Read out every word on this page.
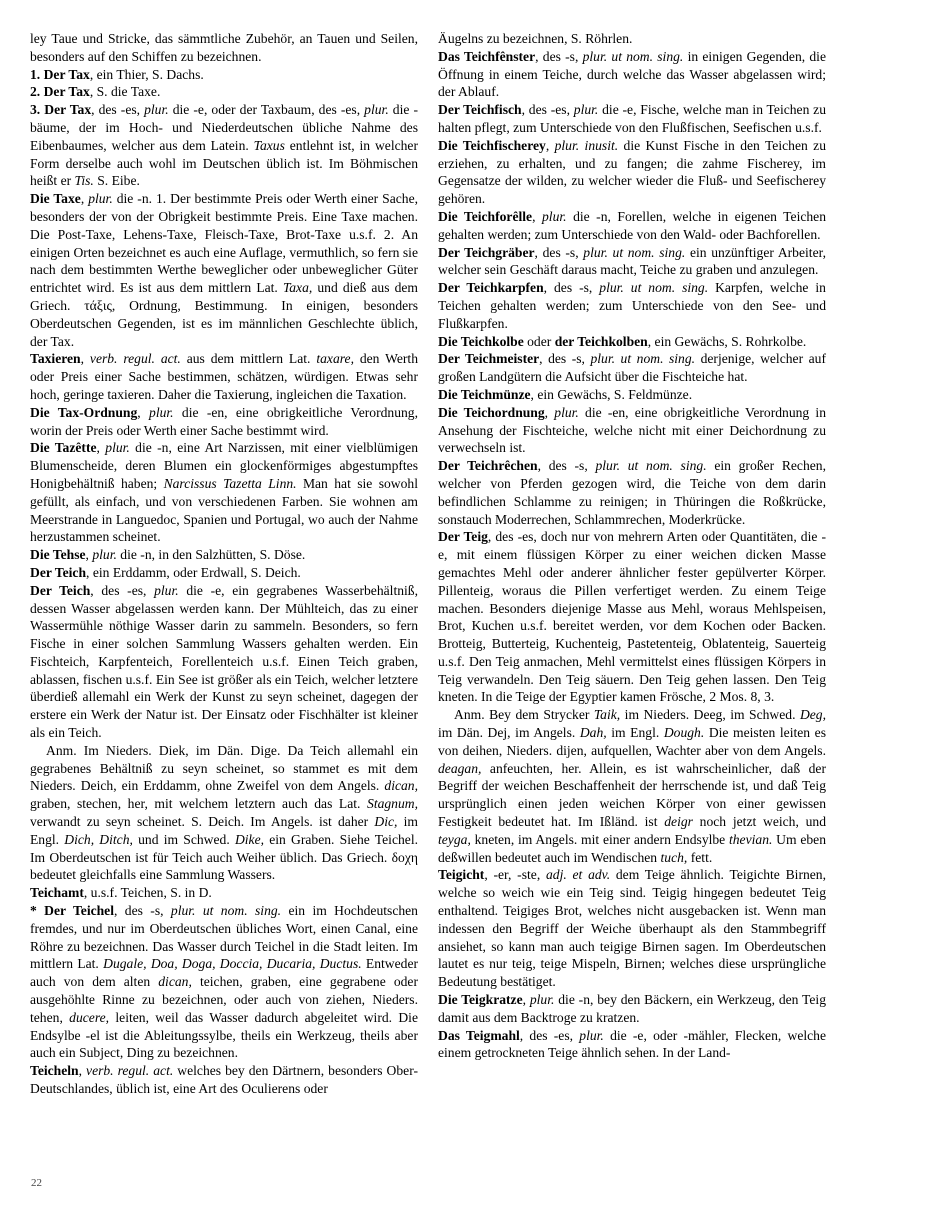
ley Taue und Stricke, das sämmtliche Zubehör, an Tauen und Seilen, besonders auf den Schiffen zu bezeichnen.

1. Der Tax, ein Thier, S. Dachs.

2. Der Tax, S. die Taxe.

3. Der Tax, des -es, plur. die -e, oder der Taxbaum, des -es, plur. die -bäume, der im Hoch- und Niederdeutschen übliche Nahme des Eibenbaumes, welcher aus dem Latein. Taxus entlehnt ist, in welcher Form derselbe auch wohl im Deutschen üblich ist. Im Böhmischen heißt er Tis. S. Eibe.

Die Taxe, plur. die -n. 1. Der bestimmte Preis oder Werth einer Sache, besonders der von der Obrigkeit bestimmte Preis. Eine Taxe machen. Die Post-Taxe, Lehens-Taxe, Fleisch-Taxe, Brot-Taxe u.s.f. 2. An einigen Orten bezeichnet es auch eine Auflage, vermuthlich, so fern sie nach dem bestimmten Werthe beweglicher oder unbeweglicher Güter entrichtet wird. Es ist aus dem mittlern Lat. Taxa, und dieß aus dem Griech. τάξις, Ordnung, Bestimmung. In einigen, besonders Oberdeutschen Gegenden, ist es im männlichen Geschlechte üblich, der Tax.

Taxieren, verb. regul. act. aus dem mittlern Lat. taxare, den Werth oder Preis einer Sache bestimmen, schätzen, würdigen. Etwas sehr hoch, geringe taxieren. Daher die Taxierung, ingleichen die Taxation.

Die Tax-Ordnung, plur. die -en, eine obrigkeitliche Verordnung, worin der Preis oder Werth einer Sache bestimmt wird.

Die Tazêtte, plur. die -n, eine Art Narzissen, mit einer vielblümigen Blumenscheide, deren Blumen ein glockenförmiges abgestumpftes Honigbehältniß haben; Narcissus Tazetta Linn. Man hat sie sowohl gefüllt, als einfach, und von verschiedenen Farben. Sie wohnen am Meerstrande in Languedoc, Spanien und Portugal, wo auch der Nahme herzustammen scheinet.

Die Tehse, plur. die -n, in den Salzhütten, S. Döse.

Der Teich, ein Erddamm, oder Erdwall, S. Deich.

Der Teich, des -es, plur. die -e, ein gegrabenes Wasserbehältniß, dessen Wasser abgelassen werden kann. Der Mühlteich, das zu einer Wassermühle nöthige Wasser darin zu sammeln. Besonders, so fern Fische in einer solchen Sammlung Wassers gehalten werden. Ein Fischteich, Karpfenteich, Forellenteich u.s.f. Einen Teich graben, ablassen, fischen u.s.f. Ein See ist größer als ein Teich, welcher letztere überdieß allemahl ein Werk der Kunst zu seyn scheinet, dagegen der erstere ein Werk der Natur ist. Der Einsatz oder Fischhälter ist kleiner als ein Teich.

Anm. Im Nieders. Diek, im Dän. Dige. Da Teich allemahl ein gegrabenes Behältniß zu seyn scheinet, so stammet es mit dem Nieders. Deich, ein Erddamm, ohne Zweifel von dem Angels. dican, graben, stechen, her, mit welchem letztern auch das Lat. Stagnum, verwandt zu seyn scheinet. S. Deich. Im Angels. ist daher Dic, im Engl. Dich, Ditch, und im Schwed. Dike, ein Graben. Siehe Teichel. Im Oberdeutschen ist für Teich auch Weiher üblich. Das Griech. δοχη bedeutet gleichfalls eine Sammlung Wassers.

Teichamt, u.s.f. Teichen, S. in D.

* Der Teichel, des -s, plur. ut nom. sing. ein im Hochdeutschen fremdes, und nur im Oberdeutschen übliches Wort, einen Canal, eine Röhre zu bezeichnen. Das Wasser durch Teichel in die Stadt leiten. Im mittlern Lat. Dugale, Doa, Doga, Doccia, Ducaria, Ductus. Entweder auch von dem alten dican, teichen, graben, eine gegrabene oder ausgehöhlte Rinne zu bezeichnen, oder auch von ziehen, Nieders. tehen, ducere, leiten, weil das Wasser dadurch abgeleitet wird. Die Endsylbe -el ist die Ableitungssylbe, theils ein Werkzeug, theils aber auch ein Subject, Ding zu bezeichnen.

Teicheln, verb. regul. act. welches bey den Därtnern, besonders Ober-Deutschlandes, üblich ist, eine Art des Oculierens oder

Äugelns zu bezeichnen, S. Röhrlen.

Das Teichfênster, des -s, plur. ut nom. sing. in einigen Gegenden, die Öffnung in einem Teiche, durch welche das Wasser abgelassen wird; der Ablauf.

Der Teichfisch, des -es, plur. die -e, Fische, welche man in Teichen zu halten pflegt, zum Unterschiede von den Flußfischen, Seefischen u.s.f.

Die Teichfischerey, plur. inusit. die Kunst Fische in den Teichen zu erziehen, zu erhalten, und zu fangen; die zahme Fischerey, im Gegensatze der wilden, zu welcher wieder die Fluß- und Seefischerey gehören.

Die Teichforêlle, plur. die -n, Forellen, welche in eigenen Teichen gehalten werden; zum Unterschiede von den Wald- oder Bachforellen.

Der Teichgräber, des -s, plur. ut nom. sing. ein unzünftiger Arbeiter, welcher sein Geschäft daraus macht, Teiche zu graben und anzulegen.

Der Teichkarpfen, des -s, plur. ut nom. sing. Karpfen, welche in Teichen gehalten werden; zum Unterschiede von den See- und Flußkarpfen.

Die Teichkolbe oder der Teichkolben, ein Gewächs, S. Rohrkolbe.

Der Teichmeister, des -s, plur. ut nom. sing. derjenige, welcher auf großen Landgütern die Aufsicht über die Fischteiche hat.

Die Teichmünze, ein Gewächs, S. Feldmünze.

Die Teichordnung, plur. die -en, eine obrigkeitliche Verordnung in Ansehung der Fischteiche, welche nicht mit einer Deichordnung zu verwechseln ist.

Der Teichrêchen, des -s, plur. ut nom. sing. ein großer Rechen, welcher von Pferden gezogen wird, die Teiche von dem darin befindlichen Schlamme zu reinigen; in Thüringen die Roßkrücke, sonstauch Moderrechen, Schlammrechen, Moderkrücke.

Der Teig, des -es, doch nur von mehrern Arten oder Quantitäten, die -e, mit einem flüssigen Körper zu einer weichen dicken Masse gemachtes Mehl oder anderer ähnlicher fester gepülverter Körper. Pillenteig, woraus die Pillen verfertiget werden. Zu einem Teige machen. Besonders diejenige Masse aus Mehl, woraus Mehlspeisen, Brot, Kuchen u.s.f. bereitet werden, vor dem Kochen oder Backen. Brotteig, Butterteig, Kuchenteig, Pastetenteig, Oblatenteig, Sauerteig u.s.f. Den Teig anmachen, Mehl vermittelst eines flüssigen Körpers in Teig verwandeln. Den Teig säuern. Den Teig gehen lassen. Den Teig kneten. In die Teige der Egyptier kamen Frösche, 2 Mos. 8, 3.

Anm. Bey dem Strycker Taik, im Nieders. Deeg, im Schwed. Deg, im Dän. Dej, im Angels. Dah, im Engl. Dough. Die meisten leiten es von deihen, Nieders. dijen, aufquellen, Wachter aber von dem Angels. deagan, anfeuchten, her. Allein, es ist wahrscheinlicher, daß der Begriff der weichen Beschaffenheit der herrschende ist, und daß Teig ursprünglich einen jeden weichen Körper von einer gewissen Festigkeit bedeutet hat. Im Ißländ. ist deigr noch jetzt weich, und teyga, kneten, im Angels. mit einer andern Endsylbe thevian. Um eben deßwillen bedeutet auch im Wendischen tuch, fett.

Teigicht, -er, -ste, adj. et adv. dem Teige ähnlich. Teigichte Birnen, welche so weich wie ein Teig sind. Teigig hingegen bedeutet Teig enthaltend. Teigiges Brot, welches nicht ausgebacken ist. Wenn man indessen den Begriff der Weiche überhaupt als den Stammbegriff ansiehet, so kann man auch teigige Birnen sagen. Im Oberdeutschen lautet es nur teig, teige Mispeln, Birnen; welches diese ursprüngliche Bedeutung bestätiget.

Die Teigkratze, plur. die -n, bey den Bäckern, ein Werkzeug, den Teig damit aus dem Backtroge zu kratzen.

Das Teigmahl, des -es, plur. die -e, oder -mähler, Flecken, welche einem getrockneten Teige ähnlich sehen. In der Land-

22
